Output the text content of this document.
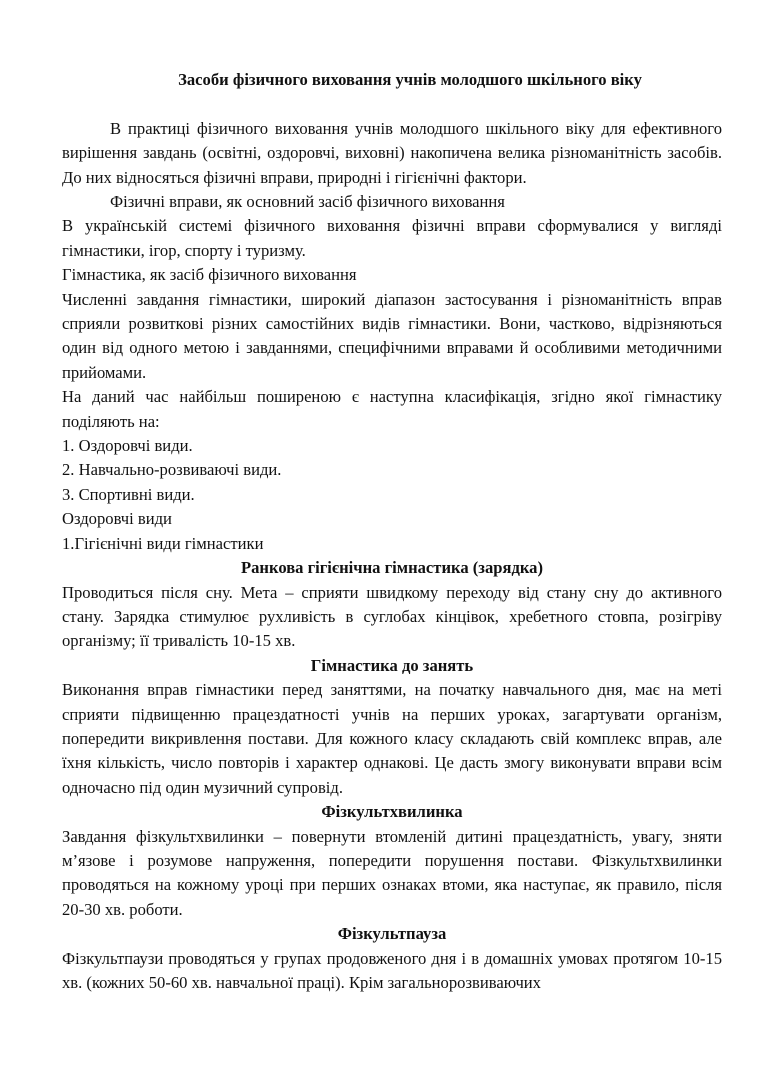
Засоби фізичного виховання учнів молодшого шкільного віку

В практиці фізичного виховання учнів молодшого шкільного віку для ефективного вирішення завдань (освітні, оздоровчі, виховні) накопичена велика різноманітність засобів. До них відносяться фізичні вправи, природні і гігієнічні фактори.

Фізичні вправи, як основний засіб фізичного виховання

В українській системі фізичного виховання фізичні вправи сформувалися у вигляді гімнастики, ігор, спорту і туризму.

Гімнастика, як засіб фізичного виховання

Численні завдання гімнастики, широкий діапазон застосування і різноманітність вправ сприяли розвиткові різних самостійних видів гімнастики. Вони, частково, відрізняються один від одного метою і завданнями, специфічними вправами й особливими методичними прийомами.

На даний час найбільш поширеною є наступна класифікація, згідно якої гімнастику поділяють на:

1. Оздоровчі види.

2. Навчально-розвиваючі види.

3. Спортивні види.

Оздоровчі види

1.Гігієнічні види гімнастики

Ранкова гігієнічна гімнастика (зарядка)

Проводиться після сну. Мета – сприяти швидкому переходу від стану сну до активного стану. Зарядка стимулює рухливість в суглобах кінцівок, хребетного стовпа, розігріву організму; її тривалість 10-15 хв.

Гімнастика до занять

Виконання вправ гімнастики перед заняттями, на початку навчального дня, має на меті сприяти підвищенню працездатності учнів на перших уроках, загартувати організм, попередити викривлення постави. Для кожного класу складають свій комплекс вправ, але їхня кількість, число повторів і характер однакові. Це дасть змогу виконувати вправи всім одночасно під один музичний супровід.

Фізкультхвилинка

Завдання фізкультхвилинки – повернути втомленій дитині працездатність, увагу, зняти м’язове і розумове напруження, попередити порушення постави. Фізкультхвилинки проводяться на кожному уроці при перших ознаках втоми, яка наступає, як правило, після 20-30 хв. роботи.

Фізкультпауза

Фізкультпаузи проводяться у групах продовженого дня і в домашніх умовах протягом 10-15 хв. (кожних 50-60 хв. навчальної праці). Крім загальнорозвиваючих
